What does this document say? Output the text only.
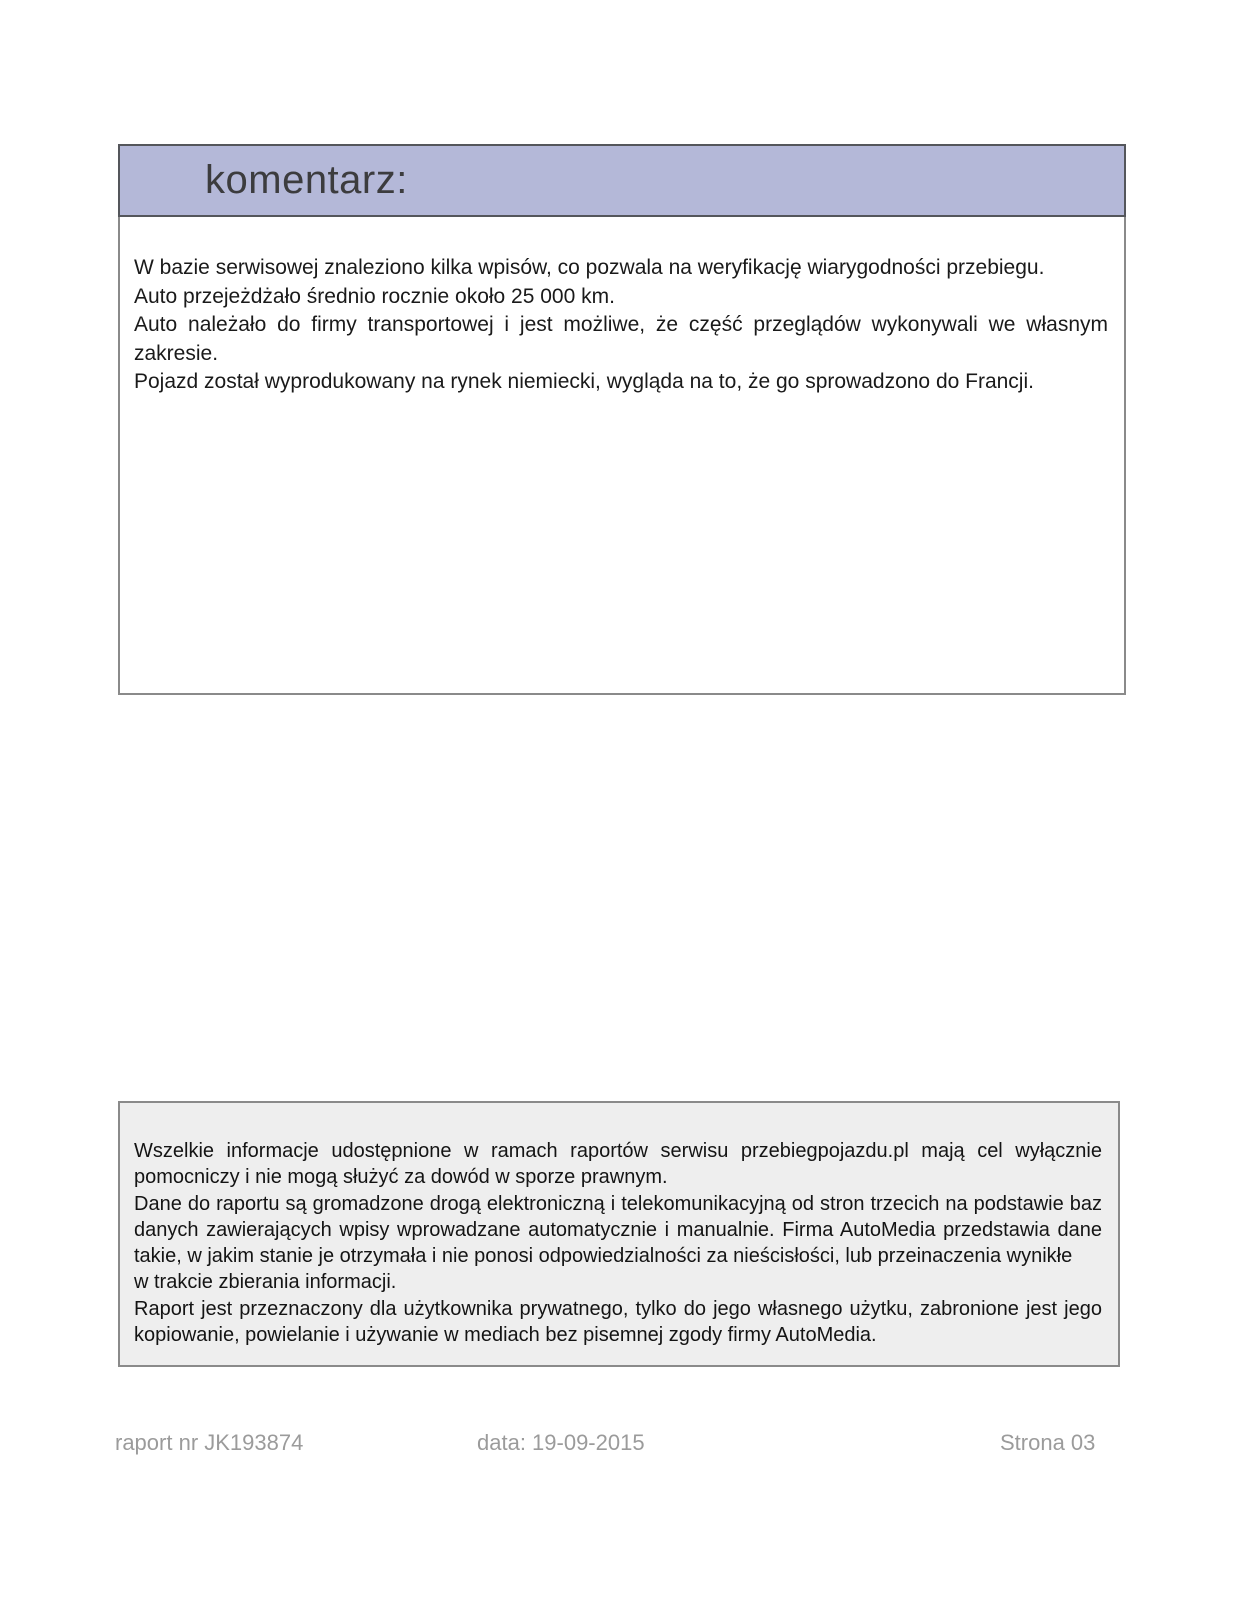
komentarz:

W bazie serwisowej znaleziono kilka wpisów, co pozwala na weryfikację wiarygodności przebiegu.

Auto przejeżdżało średnio rocznie około 25 000 km.

Auto należało do firmy transportowej i jest możliwe, że część przeglądów wykonywali we własnym zakresie.

Pojazd został wyprodukowany na rynek niemiecki, wygląda na to, że go sprowadzono do Francji.

Wszelkie informacje udostępnione w ramach raportów serwisu przebiegpojazdu.pl mają cel wyłącznie pomocniczy i nie mogą służyć za dowód w sporze prawnym.

Dane do raportu są gromadzone drogą elektroniczną i telekomunikacyjną od stron trzecich na podstawie baz danych zawierających wpisy wprowadzane automatycznie i manualnie. Firma AutoMedia przedstawia dane takie, w jakim stanie je otrzymała i nie ponosi odpowiedzialności za nieścisłości, lub przeinaczenia wynikłe

w trakcie zbierania informacji.

Raport jest przeznaczony dla użytkownika prywatnego, tylko do jego własnego użytku, zabronione jest jego kopiowanie, powielanie i używanie w mediach bez pisemnej zgody firmy AutoMedia.

raport nr JK193874	data: 19-09-2015	Strona 03
